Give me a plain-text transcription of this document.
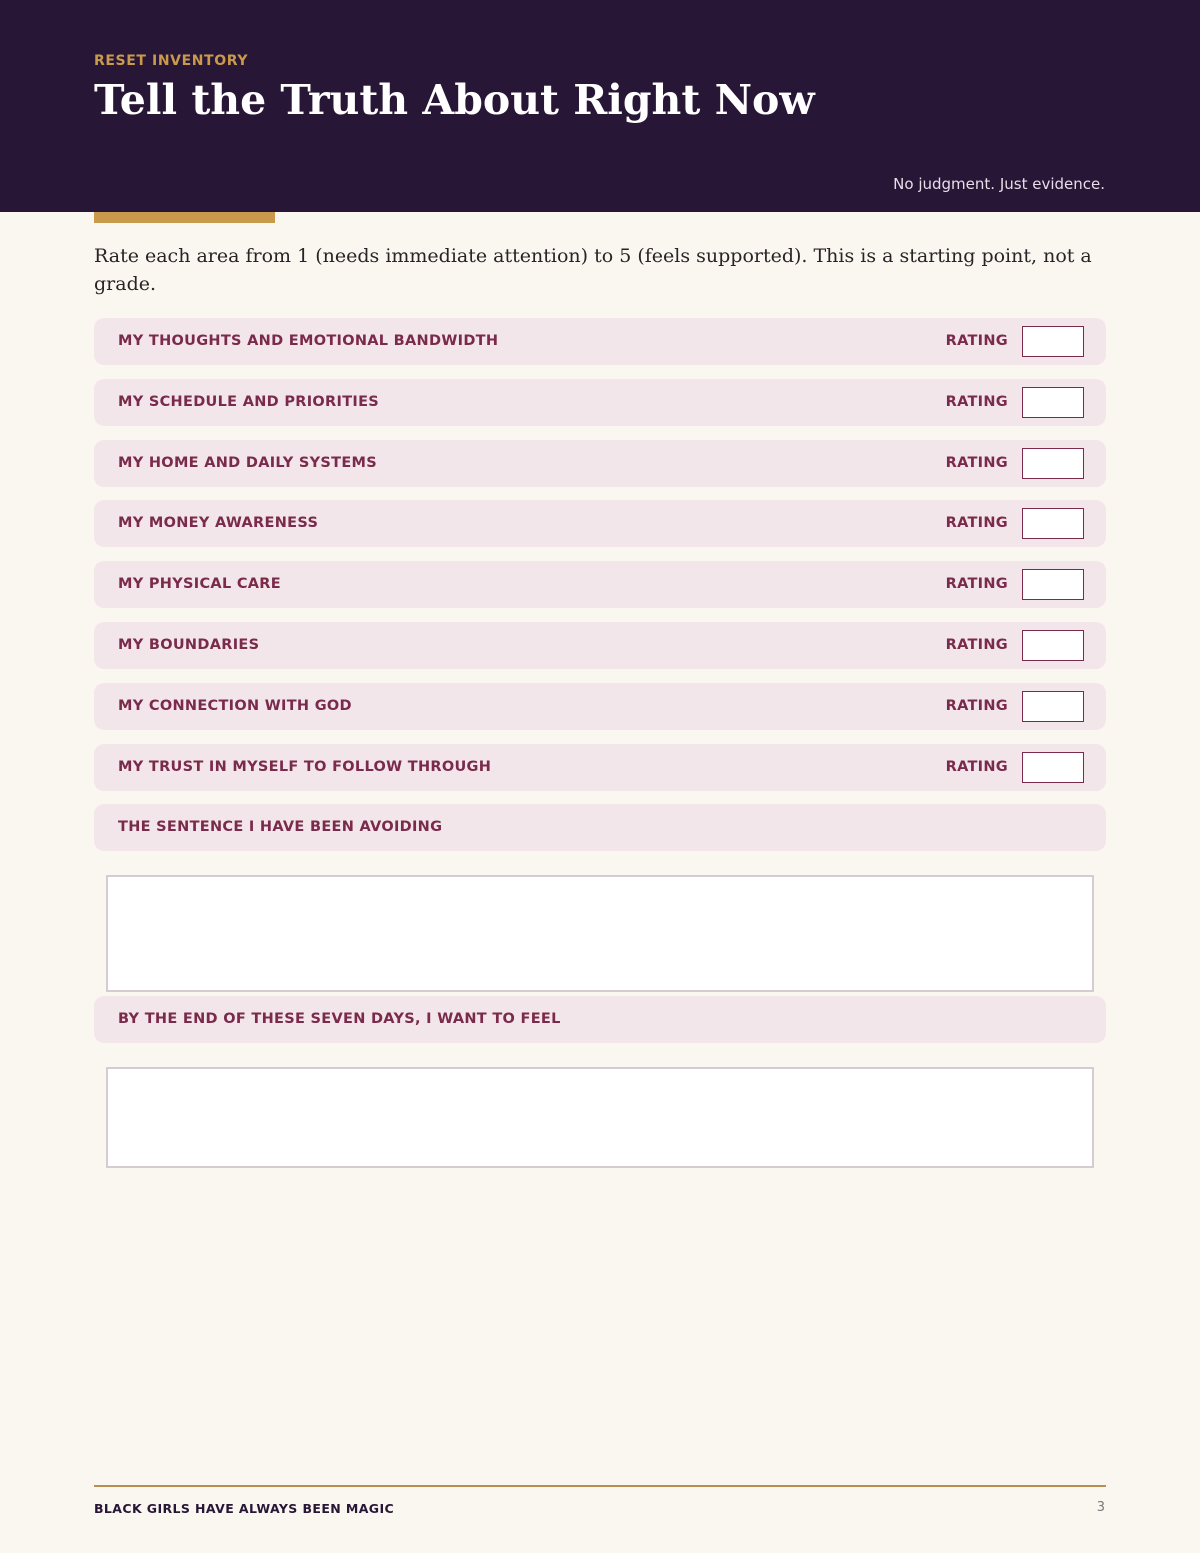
RESET INVENTORY
Tell the Truth About Right Now
No judgment. Just evidence.
Rate each area from 1 (needs immediate attention) to 5 (feels supported). This is a starting point, not a grade.
MY THOUGHTS AND EMOTIONAL BANDWIDTH	RATING
MY SCHEDULE AND PRIORITIES	RATING
MY HOME AND DAILY SYSTEMS	RATING
MY MONEY AWARENESS	RATING
MY PHYSICAL CARE	RATING
MY BOUNDARIES	RATING
MY CONNECTION WITH GOD	RATING
MY TRUST IN MYSELF TO FOLLOW THROUGH	RATING
THE SENTENCE I HAVE BEEN AVOIDING
BY THE END OF THESE SEVEN DAYS, I WANT TO FEEL
BLACK GIRLS HAVE ALWAYS BEEN MAGIC	3
